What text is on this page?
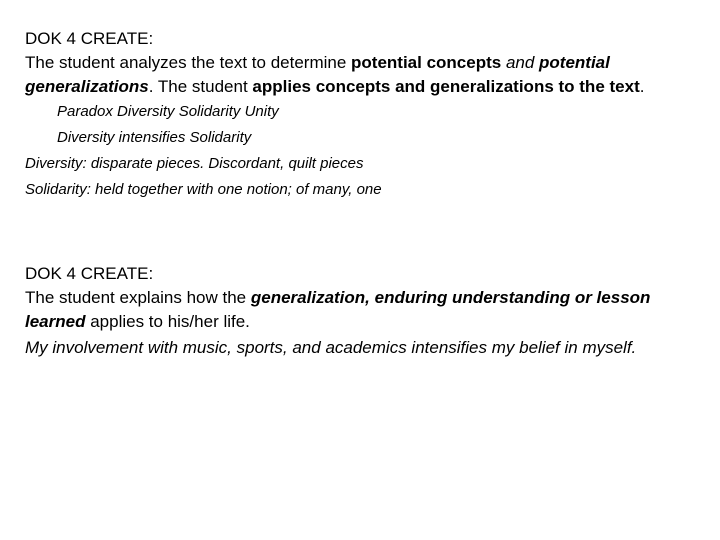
DOK 4 CREATE:
The student analyzes the text to determine potential concepts and potential generalizations. The student applies concepts and generalizations to the text.
Paradox Diversity Solidarity Unity
Diversity intensifies Solidarity
Diversity: disparate pieces. Discordant, quilt pieces
Solidarity: held together with one notion; of many, one
DOK 4 CREATE:
The student explains how the generalization, enduring understanding or lesson learned applies to his/her life.
My involvement with music, sports, and academics intensifies my belief in myself.
